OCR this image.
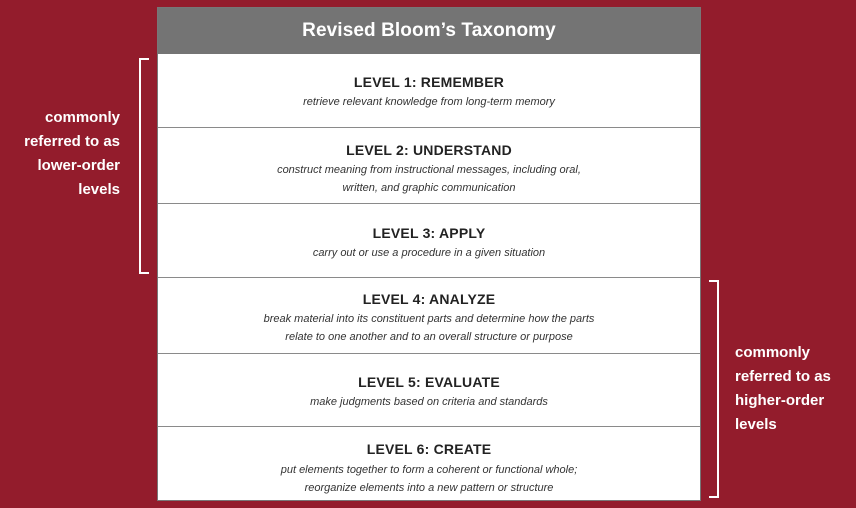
commonly
referred to as
lower-order
levels
Revised Bloom’s Taxonomy
LEVEL 1: REMEMBER
retrieve relevant knowledge from long-term memory
LEVEL 2: UNDERSTAND
construct meaning from instructional messages, including oral,
written, and graphic communication
LEVEL 3: APPLY
carry out or use a procedure in a given situation
LEVEL 4: ANALYZE
break material into its constituent parts and determine how the parts
relate to one another and to an overall structure or purpose
LEVEL 5: EVALUATE
make judgments based on criteria and standards
LEVEL 6: CREATE
put elements together to form a coherent or functional whole;
reorganize elements into a new pattern or structure
commonly
referred to as
higher-order
levels
